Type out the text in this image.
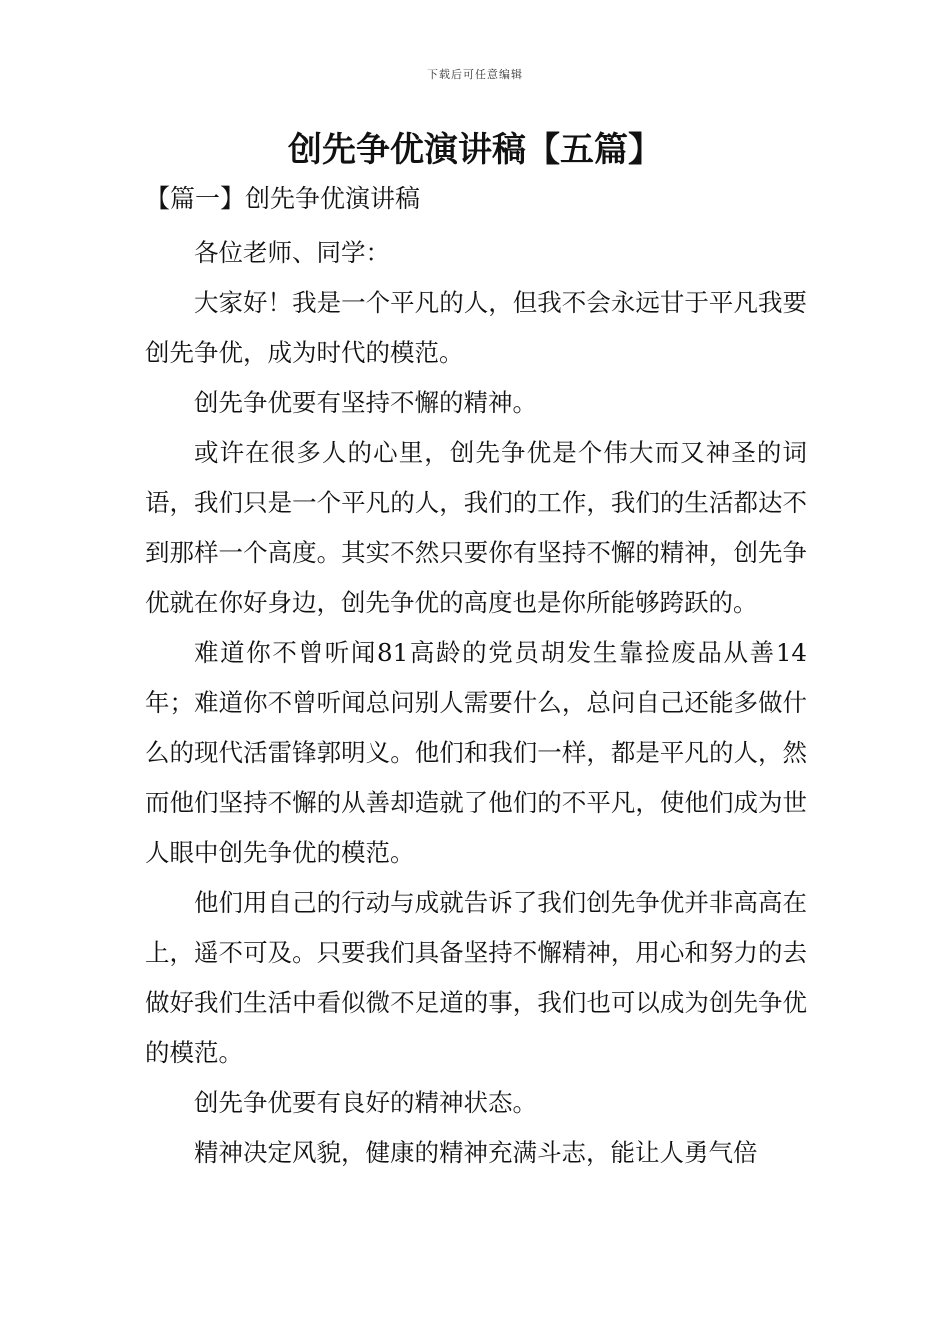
下载后可任意编辑
创先争优演讲稿【五篇】
【篇一】创先争优演讲稿

各位老师、同学：

大家好！我是一个平凡的人，但我不会永远甘于平凡我要创先争优，成为时代的模范。

创先争优要有坚持不懈的精神。

或许在很多人的心里，创先争优是个伟大而又神圣的词语，我们只是一个平凡的人，我们的工作，我们的生活都达不到那样一个高度。其实不然只要你有坚持不懈的精神，创先争优就在你好身边，创先争优的高度也是你所能够跨跃的。

难道你不曾听闻81高龄的党员胡发生靠捡废品从善14年；难道你不曾听闻总问别人需要什么，总问自己还能多做什么的现代活雷锋郭明义。他们和我们一样，都是平凡的人，然而他们坚持不懈的从善却造就了他们的不平凡，使他们成为世人眼中创先争优的模范。

他们用自己的行动与成就告诉了我们创先争优并非高高在上，遥不可及。只要我们具备坚持不懈精神，用心和努力的去做好我们生活中看似微不足道的事，我们也可以成为创先争优的模范。

创先争优要有良好的精神状态。

精神决定风貌，健康的精神充满斗志，能让人勇气倍
